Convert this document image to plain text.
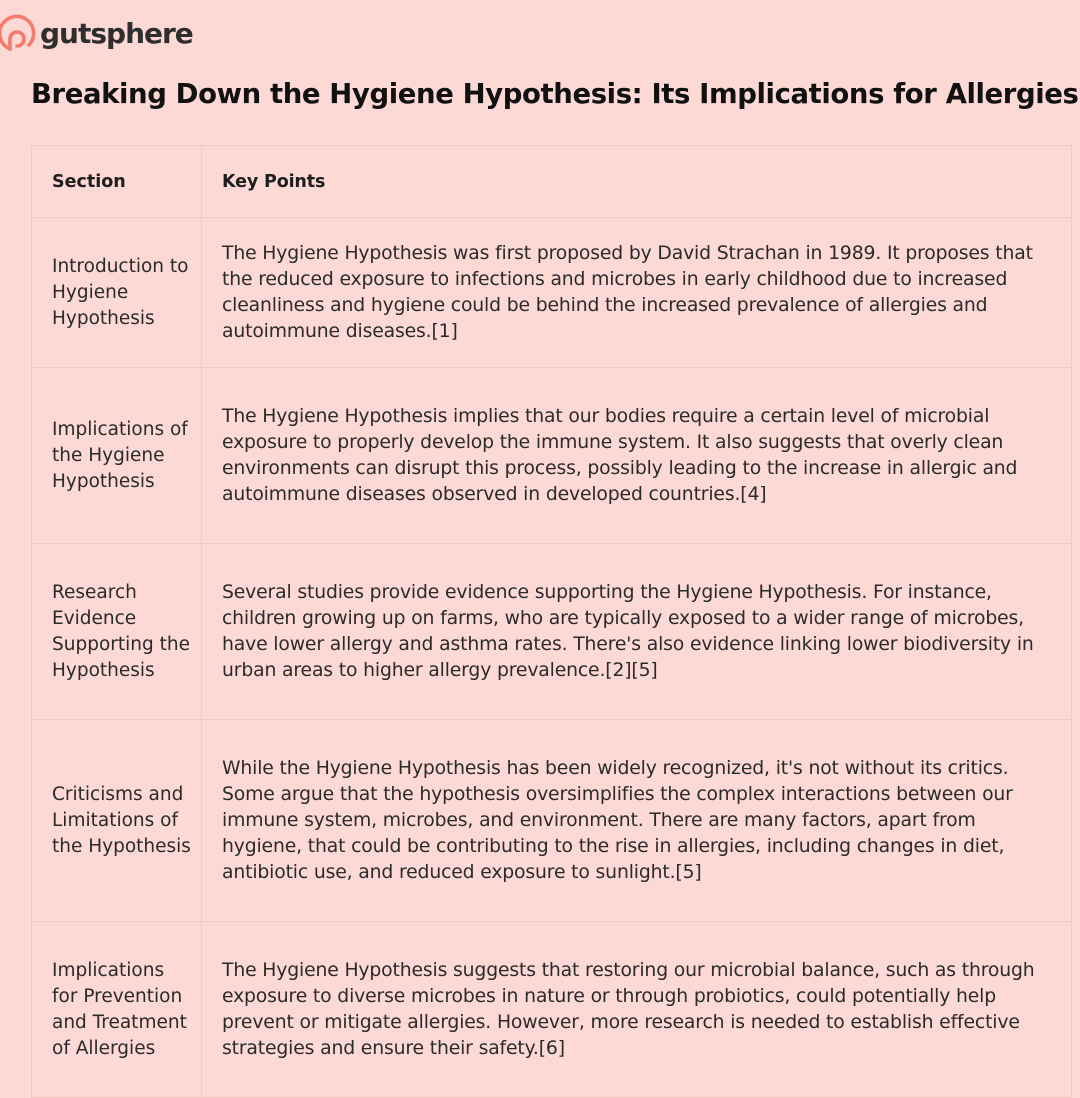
gutsphere
Breaking Down the Hygiene Hypothesis: Its Implications for Allergies
Section	Key Points
Introduction to Hygiene Hypothesis	The Hygiene Hypothesis was first proposed by David Strachan in 1989. It proposes that the reduced exposure to infections and microbes in early childhood due to increased cleanliness and hygiene could be behind the increased prevalence of allergies and autoimmune diseases.[1]
Implications of the Hygiene Hypothesis	The Hygiene Hypothesis implies that our bodies require a certain level of microbial exposure to properly develop the immune system. It also suggests that overly clean environments can disrupt this process, possibly leading to the increase in allergic and autoimmune diseases observed in developed countries.[4]
Research Evidence Supporting the Hypothesis	Several studies provide evidence supporting the Hygiene Hypothesis. For instance, children growing up on farms, who are typically exposed to a wider range of microbes, have lower allergy and asthma rates. There's also evidence linking lower biodiversity in urban areas to higher allergy prevalence.[2][5]
Criticisms and Limitations of the Hypothesis	While the Hygiene Hypothesis has been widely recognized, it's not without its critics. Some argue that the hypothesis oversimplifies the complex interactions between our immune system, microbes, and environment. There are many factors, apart from hygiene, that could be contributing to the rise in allergies, including changes in diet, antibiotic use, and reduced exposure to sunlight.[5]
Implications for Prevention and Treatment of Allergies	The Hygiene Hypothesis suggests that restoring our microbial balance, such as through exposure to diverse microbes in nature or through probiotics, could potentially help prevent or mitigate allergies. However, more research is needed to establish effective strategies and ensure their safety.[6]
